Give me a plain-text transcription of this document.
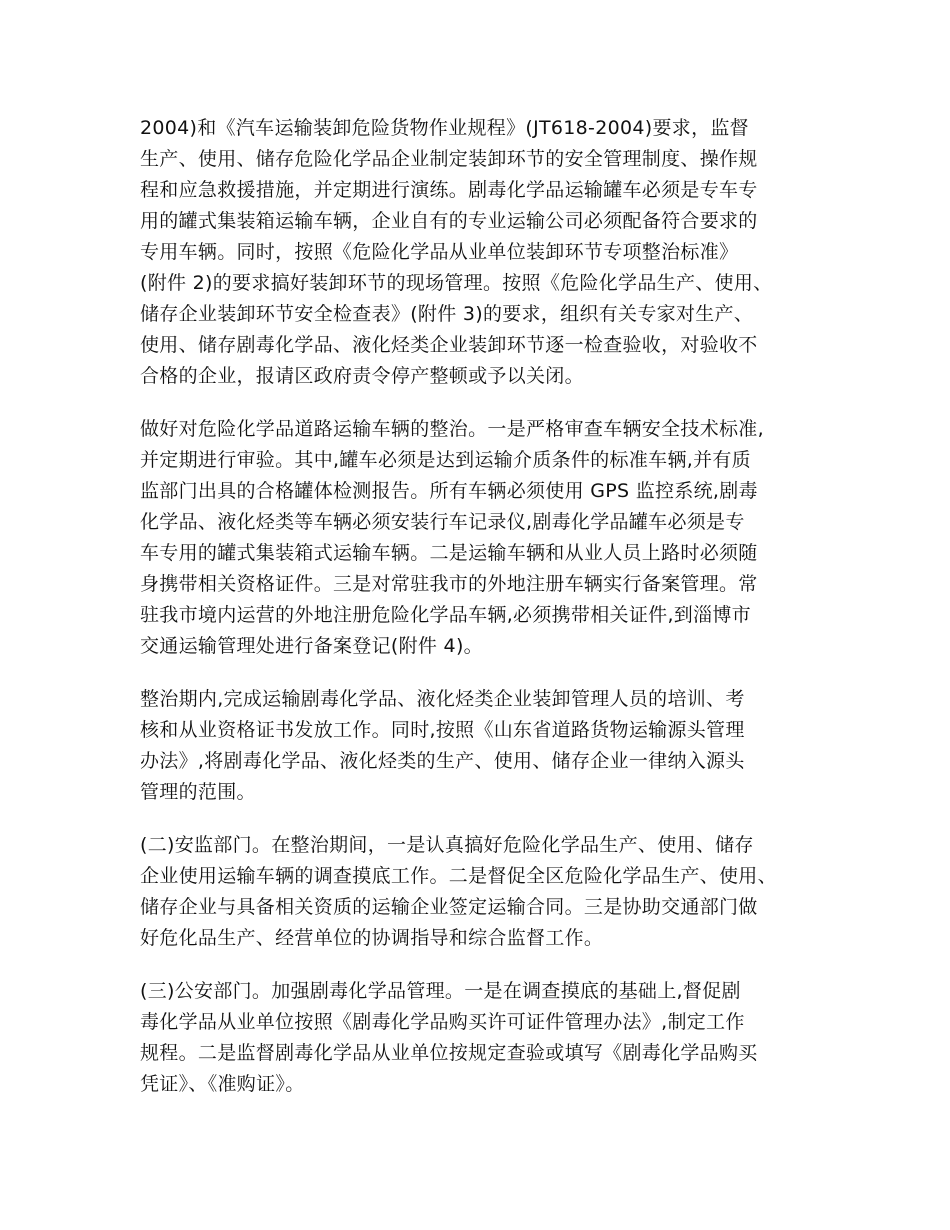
2004)和《汽车运输装卸危险货物作业规程》(JT618-2004)要求，监督
生产、使用、储存危险化学品企业制定装卸环节的安全管理制度、操作规
程和应急救援措施，并定期进行演练。剧毒化学品运输罐车必须是专车专
用的罐式集装箱运输车辆，企业自有的专业运输公司必须配备符合要求的
专用车辆。同时，按照《危险化学品从业单位装卸环节专项整治标准》
(附件 2)的要求搞好装卸环节的现场管理。按照《危险化学品生产、使用、
储存企业装卸环节安全检查表》(附件 3)的要求，组织有关专家对生产、
使用、储存剧毒化学品、液化烃类企业装卸环节逐一检查验收，对验收不
合格的企业，报请区政府责令停产整顿或予以关闭。
做好对危险化学品道路运输车辆的整治。一是严格审查车辆安全技术标准,
并定期进行审验。其中,罐车必须是达到运输介质条件的标准车辆,并有质
监部门出具的合格罐体检测报告。所有车辆必须使用 GPS 监控系统,剧毒
化学品、液化烃类等车辆必须安装行车记录仪,剧毒化学品罐车必须是专
车专用的罐式集装箱式运输车辆。二是运输车辆和从业人员上路时必须随
身携带相关资格证件。三是对常驻我市的外地注册车辆实行备案管理。常
驻我市境内运营的外地注册危险化学品车辆,必须携带相关证件,到淄博市
交通运输管理处进行备案登记(附件 4)。
整治期内,完成运输剧毒化学品、液化烃类企业装卸管理人员的培训、考
核和从业资格证书发放工作。同时,按照《山东省道路货物运输源头管理
办法》,将剧毒化学品、液化烃类的生产、使用、储存企业一律纳入源头
管理的范围。
(二)安监部门。在整治期间，一是认真搞好危险化学品生产、使用、储存
企业使用运输车辆的调查摸底工作。二是督促全区危险化学品生产、使用、
储存企业与具备相关资质的运输企业签定运输合同。三是协助交通部门做
好危化品生产、经营单位的协调指导和综合监督工作。
(三)公安部门。加强剧毒化学品管理。一是在调查摸底的基础上,督促剧
毒化学品从业单位按照《剧毒化学品购买许可证件管理办法》,制定工作
规程。二是监督剧毒化学品从业单位按规定查验或填写《剧毒化学品购买
凭证》、《准购证》。
